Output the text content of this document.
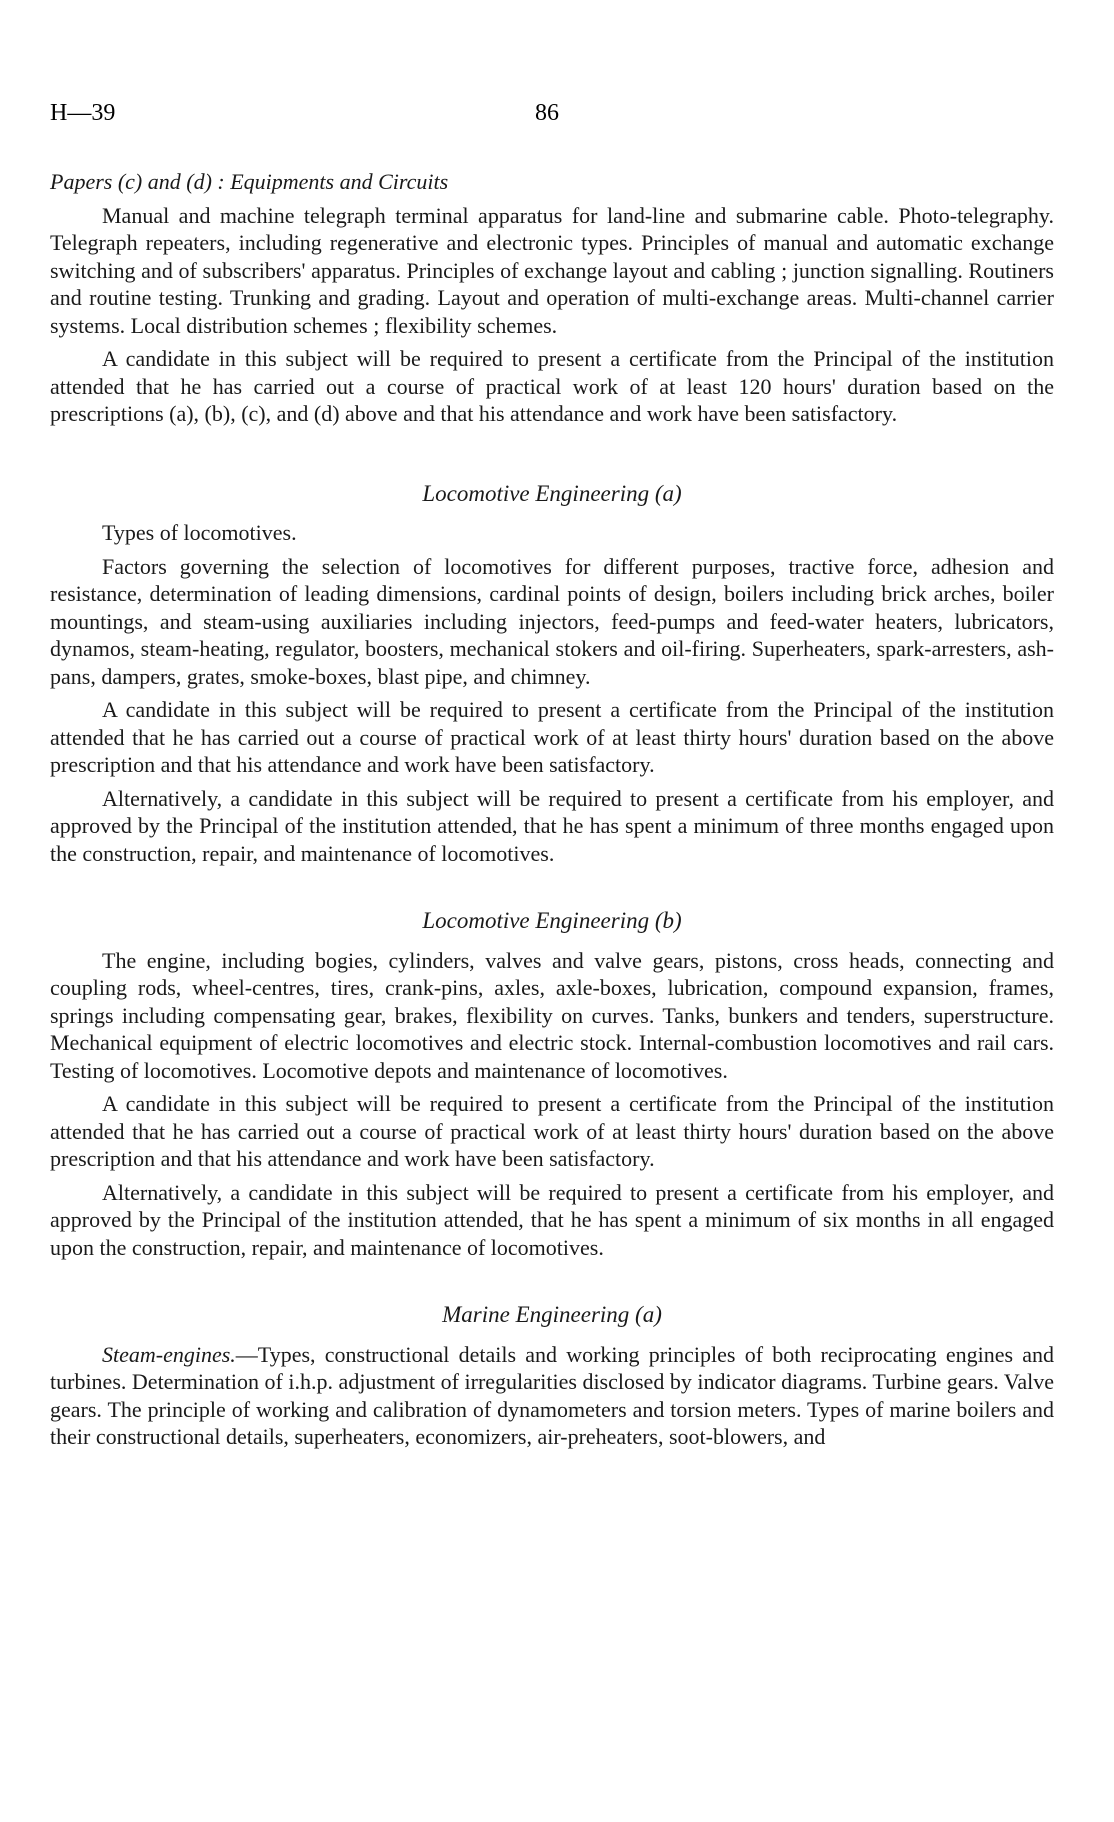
H—39	86
Papers (c) and (d) : Equipments and Circuits

Manual and machine telegraph terminal apparatus for land-line and submarine cable. Photo-telegraphy. Telegraph repeaters, including regenerative and electronic types. Principles of manual and automatic exchange switching and of subscribers' apparatus. Principles of exchange layout and cabling ; junction signalling. Routiners and routine testing. Trunking and grading. Layout and operation of multi-exchange areas. Multi-channel carrier systems. Local distribution schemes ; flexibility schemes.

A candidate in this subject will be required to present a certificate from the Principal of the institution attended that he has carried out a course of practical work of at least 120 hours' duration based on the prescriptions (a), (b), (c), and (d) above and that his attendance and work have been satisfactory.

Locomotive Engineering (a)

Types of locomotives.

Factors governing the selection of locomotives for different purposes, tractive force, adhesion and resistance, determination of leading dimensions, cardinal points of design, boilers including brick arches, boiler mountings, and steam-using auxiliaries including injectors, feed-pumps and feed-water heaters, lubricators, dynamos, steam-heating, regulator, boosters, mechanical stokers and oil-firing. Superheaters, spark-arresters, ash-pans, dampers, grates, smoke-boxes, blast pipe, and chimney.

A candidate in this subject will be required to present a certificate from the Principal of the institution attended that he has carried out a course of practical work of at least thirty hours' duration based on the above prescription and that his attendance and work have been satisfactory.

Alternatively, a candidate in this subject will be required to present a certificate from his employer, and approved by the Principal of the institution attended, that he has spent a minimum of three months engaged upon the construction, repair, and maintenance of locomotives.

Locomotive Engineering (b)

The engine, including bogies, cylinders, valves and valve gears, pistons, cross heads, connecting and coupling rods, wheel-centres, tires, crank-pins, axles, axle-boxes, lubrication, compound expansion, frames, springs including compensating gear, brakes, flexibility on curves. Tanks, bunkers and tenders, superstructure. Mechanical equipment of electric locomotives and electric stock. Internal-combustion locomotives and rail cars. Testing of locomotives. Locomotive depots and maintenance of locomotives.

A candidate in this subject will be required to present a certificate from the Principal of the institution attended that he has carried out a course of practical work of at least thirty hours' duration based on the above prescription and that his attendance and work have been satisfactory.

Alternatively, a candidate in this subject will be required to present a certificate from his employer, and approved by the Principal of the institution attended, that he has spent a minimum of six months in all engaged upon the construction, repair, and maintenance of locomotives.

Marine Engineering (a)

Steam-engines.—Types, constructional details and working principles of both reciprocating engines and turbines. Determination of i.h.p. adjustment of irregularities disclosed by indicator diagrams. Turbine gears. Valve gears. The principle of working and calibration of dynamometers and torsion meters. Types of marine boilers and their constructional details, superheaters, economizers, air-preheaters, soot-blowers, and
